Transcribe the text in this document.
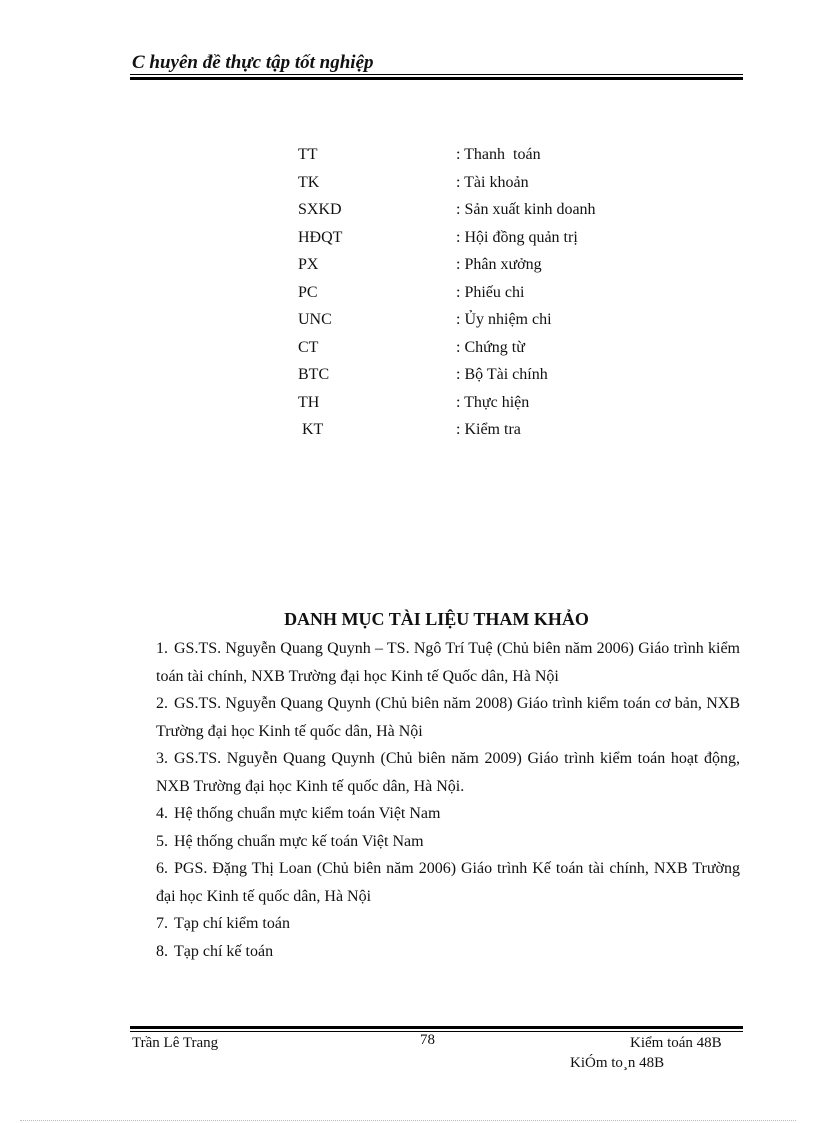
C huyên đề thực tập tốt nghiệp
TT	: Thanh  toán
TK	: Tài khoản
SXKD	: Sản xuất kinh doanh
HĐQT	: Hội đồng quản trị
PX	: Phân xưởng
PC	: Phiếu chi
UNC	: Ủy nhiệm chi
CT	: Chứng từ
BTC	: Bộ Tài chính
TH	: Thực hiện
KT	: Kiểm tra
DANH MỤC TÀI LIỆU THAM KHẢO

1. GS.TS. Nguyễn Quang Quynh – TS. Ngô Trí Tuệ (Chủ biên năm 2006) Giáo trình kiểm toán tài chính, NXB Trường đại học Kinh tế Quốc dân, Hà Nội

2. GS.TS. Nguyễn Quang Quynh (Chủ biên năm 2008) Giáo trình kiểm toán cơ bản, NXB Trường đại học Kinh tế quốc dân, Hà Nội

3. GS.TS. Nguyễn Quang Quynh (Chủ biên năm 2009) Giáo trình kiểm toán hoạt động, NXB Trường đại học Kinh tế quốc dân, Hà Nội.

4. Hệ thống chuẩn mực kiểm toán Việt Nam

5. Hệ thống chuẩn mực kế toán Việt Nam

6. PGS. Đặng Thị Loan (Chủ biên năm 2006) Giáo trình Kế toán tài chính, NXB Trường đại học Kinh tế quốc dân, Hà Nội

7. Tạp chí kiểm toán

8. Tạp chí kế toán

Trần Lê Trang	78	Kiểm toán 48B
KiÓm to¸n 48B
